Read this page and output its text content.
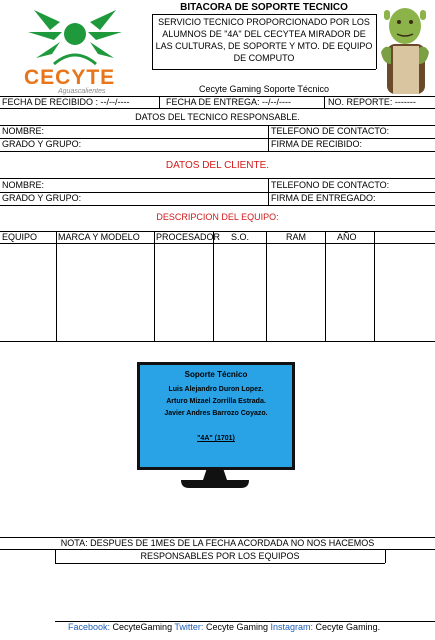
CECYTE
Aguascalientes
BITACORA DE SOPORTE TECNICO
SERVICIO TECNICO PROPORCIONADO POR LOS
ALUMNOS DE "4A" DEL CECYTEA MIRADOR DE
LAS CULTURAS, DE SOPORTE Y MTO. DE EQUIPO
DE COMPUTO
Cecyte Gaming Soporte Técnico
FECHA DE RECIBIDO : --/--/----	FECHA DE ENTREGA: --/--/----	NO. REPORTE: -------
DATOS DEL TECNICO RESPONSABLE.
NOMBRE:	TELEFONO DE CONTACTO:
GRADO Y GRUPO:	FIRMA DE RECIBIDO:
DATOS DEL CLIENTE.
NOMBRE:	TELEFONO DE CONTACTO:
GRADO Y GRUPO:	FIRMA DE ENTREGADO:
DESCRIPCION DEL EQUIPO:
EQUIPO	MARCA Y MODELO	PROCESADOR	S.O.	RAM	AÑO
Soporte Técnico
Luis Alejandro Duron Lopez.
Arturo Mizael Zorrilla Estrada.
Javier Andres Barrozo Coyazo.
"4A" (1701)
NOTA: DESPUES DE 1MES DE LA FECHA ACORDADA NO NOS HACEMOS
RESPONSABLES POR LOS EQUIPOS
Facebook: CecyteGaming Twitter: Cecyte Gaming Instagram: Cecyte Gaming.
